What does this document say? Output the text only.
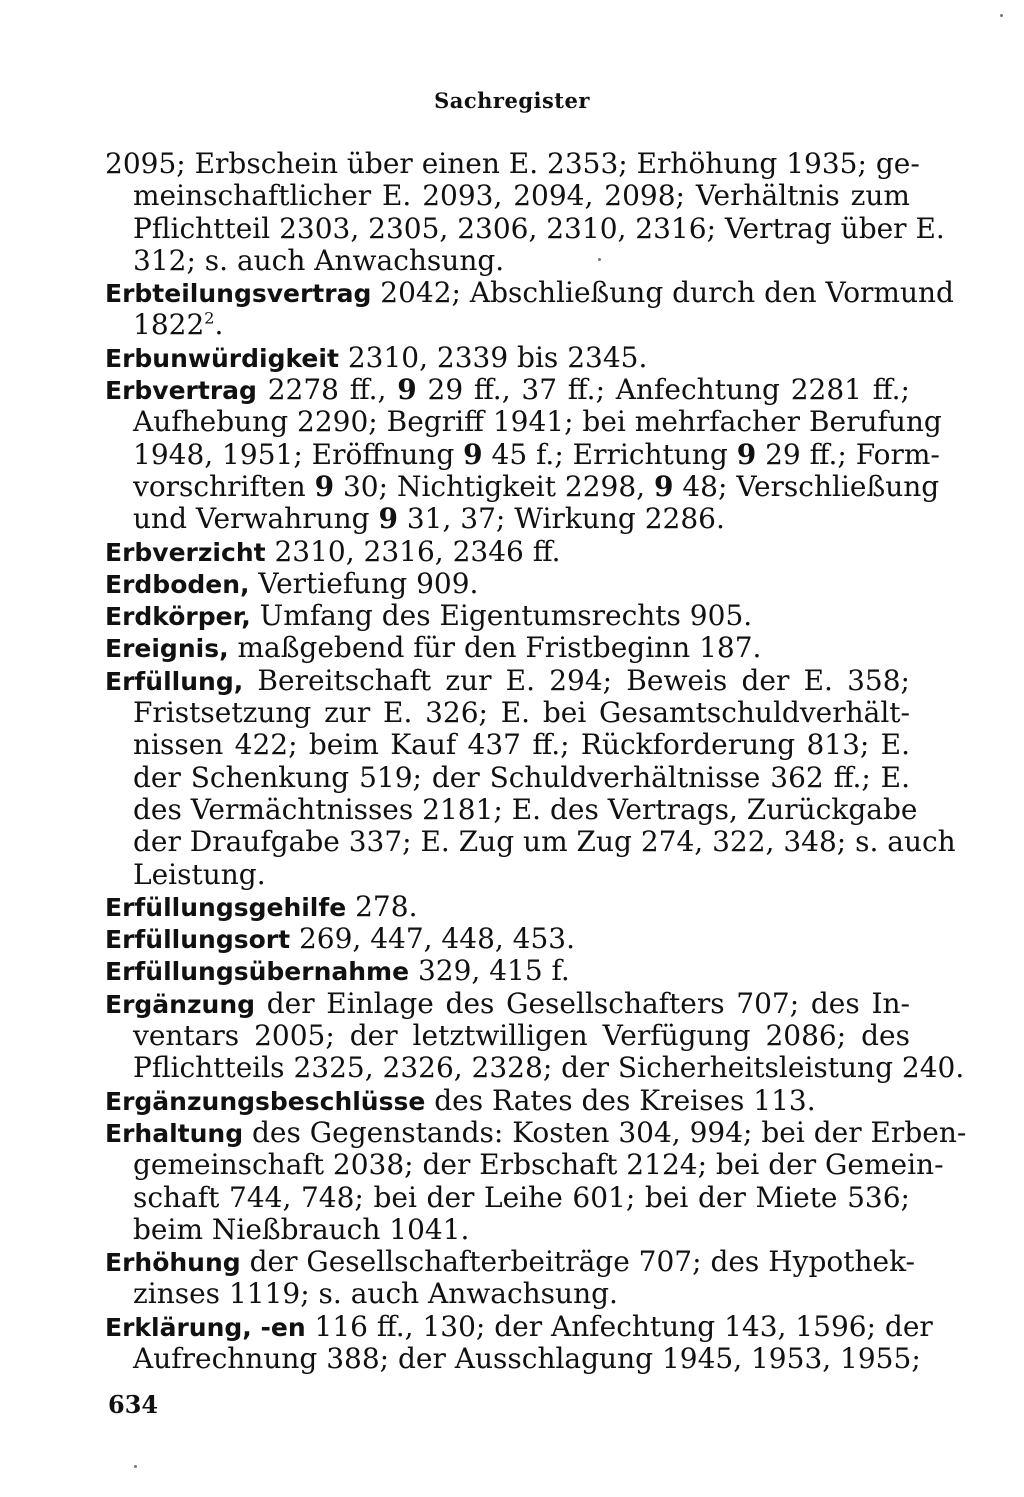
Sachregister
2095; Erbschein über einen E. 2353; Erhöhung 1935; ge-
meinschaftlicher E. 2093, 2094, 2098; Verhältnis zum
Pflichtteil 2303, 2305, 2306, 2310, 2316; Vertrag über E.
312; s. auch Anwachsung.
Erbteilungsvertrag 2042; Abschließung durch den Vormund
1822$^2$.
Erbunwürdigkeit 2310, 2339 bis 2345.
Erbvertrag 2278 ff., 9 29 ff., 37 ff.; Anfechtung 2281 ff.;
Aufhebung 2290; Begriff 1941; bei mehrfacher Berufung
1948, 1951; Eröffnung 9 45 f.; Errichtung 9 29 ff.; Form-
vorschriften 9 30; Nichtigkeit 2298, 9 48; Verschließung
und Verwahrung 9 31, 37; Wirkung 2286.
Erbverzicht 2310, 2316, 2346 ff.
Erdboden, Vertiefung 909.
Erdkörper, Umfang des Eigentumsrechts 905.
Ereignis, maßgebend für den Fristbeginn 187.
Erfüllung, Bereitschaft zur E. 294; Beweis der E. 358;
Fristsetzung zur E. 326; E. bei Gesamtschuldverhält-
nissen 422; beim Kauf 437 ff.; Rückforderung 813; E.
der Schenkung 519; der Schuldverhältnisse 362 ff.; E.
des Vermächtnisses 2181; E. des Vertrags, Zurückgabe
der Draufgabe 337; E. Zug um Zug 274, 322, 348; s. auch
Leistung.
Erfüllungsgehilfe 278.
Erfüllungsort 269, 447, 448, 453.
Erfüllungsübernahme 329, 415 f.
Ergänzung der Einlage des Gesellschafters 707; des In-
ventars 2005; der letztwilligen Verfügung 2086; des
Pflichtteils 2325, 2326, 2328; der Sicherheitsleistung 240.
Ergänzungsbeschlüsse des Rates des Kreises 113.
Erhaltung des Gegenstands: Kosten 304, 994; bei der Erben-
gemeinschaft 2038; der Erbschaft 2124; bei der Gemein-
schaft 744, 748; bei der Leihe 601; bei der Miete 536;
beim Nießbrauch 1041.
Erhöhung der Gesellschafterbeiträge 707; des Hypothek-
zinses 1119; s. auch Anwachsung.
Erklärung, -en 116 ff., 130; der Anfechtung 143, 1596; der
Aufrechnung 388; der Ausschlagung 1945, 1953, 1955;
634
